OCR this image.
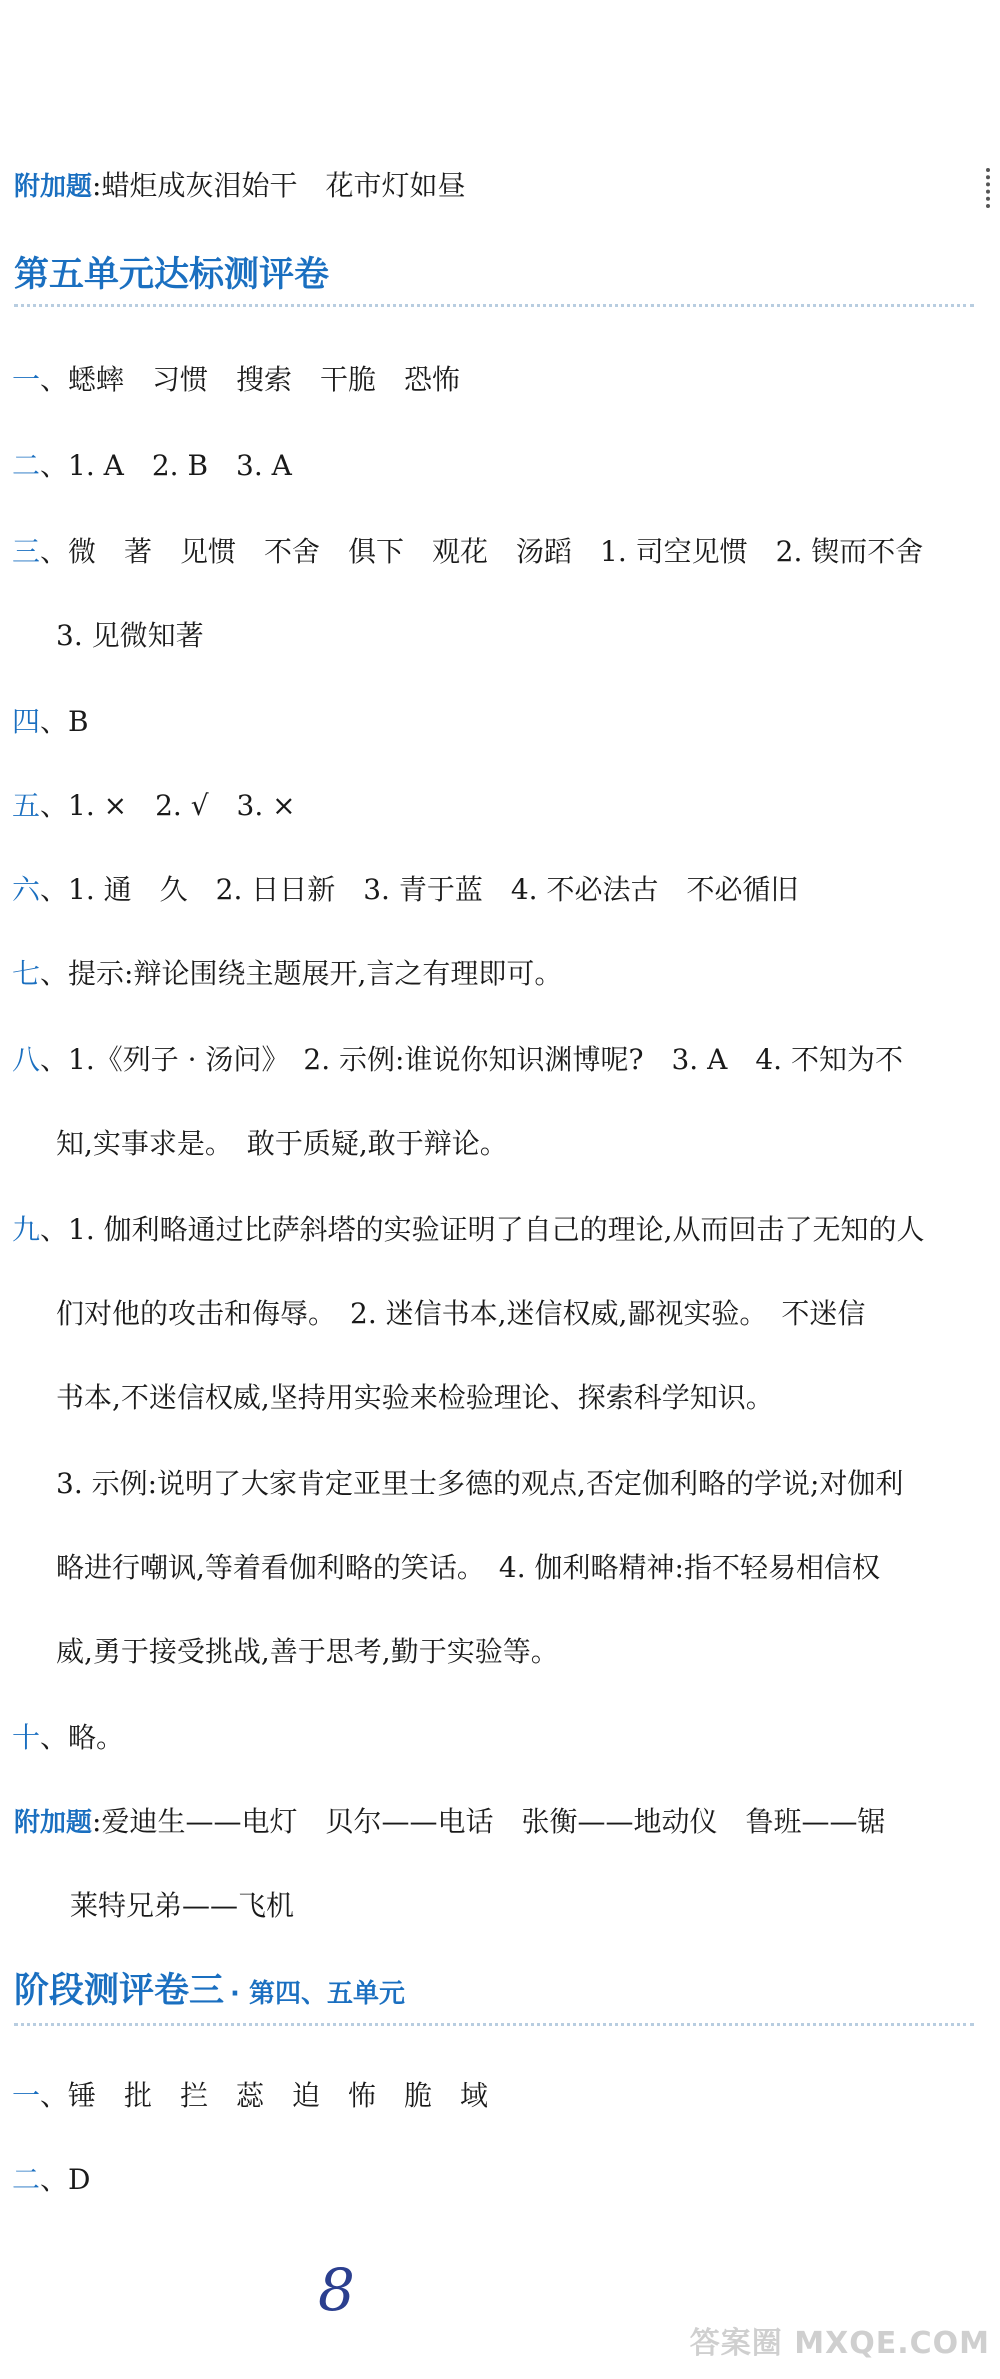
附加题:蜡炬成灰泪始干　花市灯如昼
第五单元达标测评卷
一、蟋蟀　习惯　搜索　干脆　恐怖
二、1. A　2. B　3. A
三、微　著　见惯　不舍　俱下　观花　汤蹈　1. 司空见惯　2. 锲而不舍
3. 见微知著
四、B
五、1. ×　2. √　3. ×
六、1. 通　久　2. 日日新　3. 青于蓝　4. 不必法古　不必循旧
七、提示:辩论围绕主题展开,言之有理即可。
八、1.《列子 · 汤问》　2. 示例:谁说你知识渊博呢?　3. A　4. 不知为不
知,实事求是。　敢于质疑,敢于辩论。
九、1. 伽利略通过比萨斜塔的实验证明了自己的理论,从而回击了无知的人
们对他的攻击和侮辱。　2. 迷信书本,迷信权威,鄙视实验。　不迷信
书本,不迷信权威,坚持用实验来检验理论、探索科学知识。
3. 示例:说明了大家肯定亚里士多德的观点,否定伽利略的学说;对伽利
略进行嘲讽,等着看伽利略的笑话。　4. 伽利略精神:指不轻易相信权
威,勇于接受挑战,善于思考,勤于实验等。
十、略。
附加题:爱迪生——电灯　贝尔——电话　张衡——地动仪　鲁班——锯
莱特兄弟——飞机
阶段测评卷三 · 第四、五单元
一、锤　批　拦　蕊　迫　怖　脆　域
二、D
8
答案圈 MXQE.COM
